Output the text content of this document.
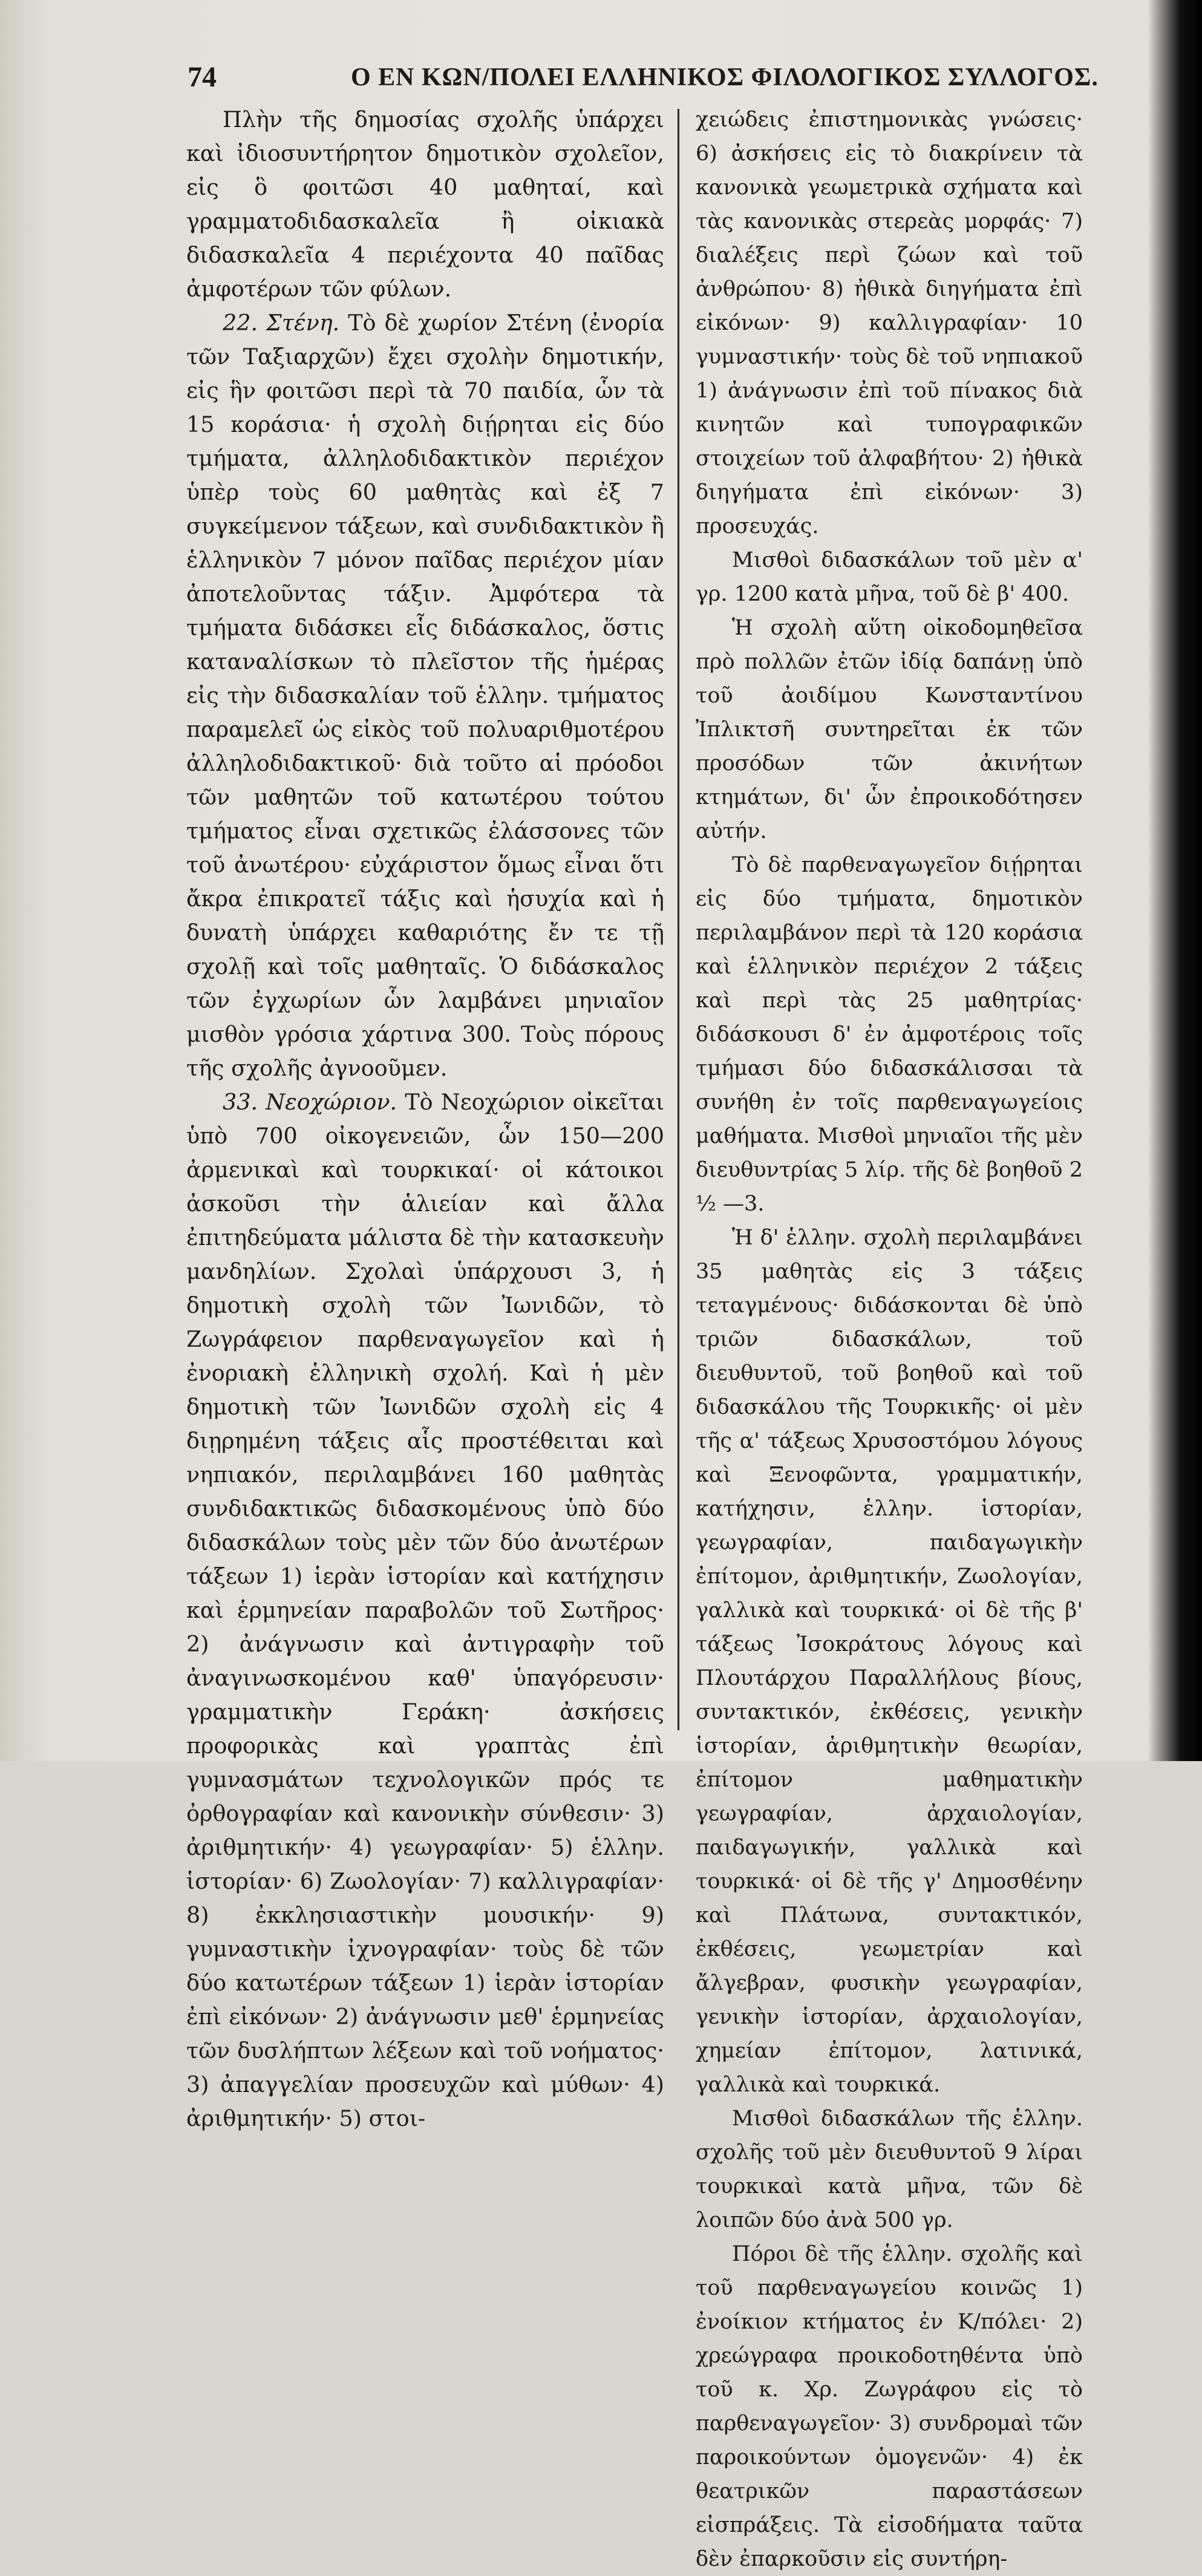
74	Ο ΕΝ ΚΩΝ/ΠΟΛΕΙ ΕΛΛΗΝΙΚΟΣ ΦΙΛΟΛΟΓΙΚΟΣ ΣΥΛΛΟΓΟΣ.

Πλὴν τῆς δημοσίας σχολῆς ὑπάρχει καὶ ἰδιοσυντήρητον δημοτικὸν σχολεῖον, εἰς ὃ φοιτῶσι 40 μαθηταί, καὶ γραμματοδιδασκαλεῖα ἢ οἰκιακὰ διδασκαλεῖα 4 περιέχοντα 40 παῖδας ἀμφοτέρων τῶν φύλων.

22. Στένη. Τὸ δὲ χωρίον Στένη (ἐνορία τῶν Ταξιαρχῶν) ἔχει σχολὴν δημοτικήν, εἰς ἣν φοιτῶσι περὶ τὰ 70 παιδία, ὧν τὰ 15 κοράσια· ἡ σχολὴ διῄρηται εἰς δύο τμήματα, ἀλληλοδιδακτικὸν περιέχον ὑπὲρ τοὺς 60 μαθητὰς καὶ ἐξ 7 συγκείμενον τάξεων, καὶ συνδιδακτικὸν ἢ ἑλληνικὸν 7 μόνον παῖδας περιέχον μίαν ἀποτελοῦντας τάξιν. Ἀμφότερα τὰ τμήματα διδάσκει εἷς διδάσκαλος, ὅστις καταναλίσκων τὸ πλεῖστον τῆς ἡμέρας εἰς τὴν διδασκαλίαν τοῦ ἑλλην. τμήματος παραμελεῖ ὡς εἰκὸς τοῦ πολυαριθμοτέρου ἀλληλοδιδακτικοῦ· διὰ τοῦτο αἱ πρόοδοι τῶν μαθητῶν τοῦ κατωτέρου τούτου τμήματος εἶναι σχετικῶς ἐλάσσονες τῶν τοῦ ἀνωτέρου· εὐχάριστον ὅμως εἶναι ὅτι ἄκρα ἐπικρατεῖ τάξις καὶ ἡσυχία καὶ ἡ δυνατὴ ὑπάρχει καθαριότης ἔν τε τῇ σχολῇ καὶ τοῖς μαθηταῖς. Ὁ διδάσκαλος τῶν ἐγχωρίων ὧν λαμβάνει μηνιαῖον μισθὸν γρόσια χάρτινα 300. Τοὺς πόρους τῆς σχολῆς ἀγνοοῦμεν.

33. Νεοχώριον. Τὸ Νεοχώριον οἰκεῖται ὑπὸ 700 οἰκογενειῶν, ὧν 150—200 ἀρμενικαὶ καὶ τουρκικαί· οἱ κάτοικοι ἀσκοῦσι τὴν ἁλιείαν καὶ ἄλλα ἐπιτηδεύματα μάλιστα δὲ τὴν κατασκευὴν μανδηλίων. Σχολαὶ ὑπάρχουσι 3, ἡ δημοτικὴ σχολὴ τῶν Ἰωνιδῶν, τὸ Ζωγράφειον παρθεναγωγεῖον καὶ ἡ ἐνοριακὴ ἑλληνικὴ σχολή. Καὶ ἡ μὲν δημοτικὴ τῶν Ἰωνιδῶν σχολὴ εἰς 4 διῃρημένη τάξεις αἷς προστέθειται καὶ νηπιακόν, περιλαμβάνει 160 μαθητὰς συνδιδακτικῶς διδασκομένους ὑπὸ δύο διδασκάλων τοὺς μὲν τῶν δύο ἀνωτέρων τάξεων 1) ἱερὰν ἱστορίαν καὶ κατήχησιν καὶ ἑρμηνείαν παραβολῶν τοῦ Σωτῆρος· 2) ἀνάγνωσιν καὶ ἀντιγραφὴν τοῦ ἀναγινωσκομένου καθ' ὑπαγόρευσιν· γραμματικὴν Γεράκη· ἀσκήσεις προφορικὰς καὶ γραπτὰς ἐπὶ γυμνασμάτων τεχνολογικῶν πρός τε ὀρθογραφίαν καὶ κανονικὴν σύνθεσιν· 3) ἀριθμητικήν· 4) γεωγραφίαν· 5) ἑλλην. ἱστορίαν· 6) Ζωολογίαν· 7) καλλιγραφίαν· 8) ἐκκλησιαστικὴν μουσικήν· 9) γυμναστικὴν ἰχνογραφίαν· τοὺς δὲ τῶν δύο κατωτέρων τάξεων 1) ἱερὰν ἱστορίαν ἐπὶ εἰκόνων· 2) ἀνάγνωσιν μεθ' ἑρμηνείας τῶν δυσλήπτων λέξεων καὶ τοῦ νοήματος· 3) ἀπαγγελίαν προσευχῶν καὶ μύθων· 4) ἀριθμητικήν· 5) στοι-

χειώδεις ἐπιστημονικὰς γνώσεις· 6) ἀσκήσεις εἰς τὸ διακρίνειν τὰ κανονικὰ γεωμετρικὰ σχήματα καὶ τὰς κανονικὰς στερεὰς μορφάς· 7) διαλέξεις περὶ ζώων καὶ τοῦ ἀνθρώπου· 8) ἠθικὰ διηγήματα ἐπὶ εἰκόνων· 9) καλλιγραφίαν· 10 γυμναστικήν· τοὺς δὲ τοῦ νηπιακοῦ 1) ἀνάγνωσιν ἐπὶ τοῦ πίνακος διὰ κινητῶν καὶ τυπογραφικῶν στοιχείων τοῦ ἀλφαβήτου· 2) ἠθικὰ διηγήματα ἐπὶ εἰκόνων· 3) προσευχάς.

Μισθοὶ διδασκάλων τοῦ μὲν α' γρ. 1200 κατὰ μῆνα, τοῦ δὲ β' 400.

Ἡ σχολὴ αὕτη οἰκοδομηθεῖσα πρὸ πολλῶν ἐτῶν ἰδίᾳ δαπάνῃ ὑπὸ τοῦ ἀοιδίμου Κωνσταντίνου Ἰπλικτσῆ συντηρεῖται ἐκ τῶν προσόδων τῶν ἀκινήτων κτημάτων, δι' ὧν ἐπροικοδότησεν αὐτήν.

Τὸ δὲ παρθεναγωγεῖον διῄρηται εἰς δύο τμήματα, δημοτικὸν περιλαμβάνον περὶ τὰ 120 κοράσια καὶ ἑλληνικὸν περιέχον 2 τάξεις καὶ περὶ τὰς 25 μαθητρίας· διδάσκουσι δ' ἐν ἀμφοτέροις τοῖς τμήμασι δύο διδασκάλισσαι τὰ συνήθη ἐν τοῖς παρθεναγωγείοις μαθήματα. Μισθοὶ μηνιαῖοι τῆς μὲν διευθυντρίας 5 λίρ. τῆς δὲ βοηθοῦ 2 ½ —3.

Ἡ δ' ἑλλην. σχολὴ περιλαμβάνει 35 μαθητὰς εἰς 3 τάξεις τεταγμένους· διδάσκονται δὲ ὑπὸ τριῶν διδασκάλων, τοῦ διευθυντοῦ, τοῦ βοηθοῦ καὶ τοῦ διδασκάλου τῆς Τουρκικῆς· οἱ μὲν τῆς α' τάξεως Χρυσοστόμου λόγους καὶ Ξενοφῶντα, γραμματικήν, κατήχησιν, ἑλλην. ἱστορίαν, γεωγραφίαν, παιδαγωγικὴν ἐπίτομον, ἀριθμητικήν, Ζωολογίαν, γαλλικὰ καὶ τουρκικά· οἱ δὲ τῆς β' τάξεως Ἰσοκράτους λόγους καὶ Πλουτάρχου Παραλλήλους βίους, συντακτικόν, ἐκθέσεις, γενικὴν ἱστορίαν, ἀριθμητικὴν θεωρίαν, ἐπίτομον μαθηματικὴν γεωγραφίαν, ἀρχαιολογίαν, παιδαγωγικήν, γαλλικὰ καὶ τουρκικά· οἱ δὲ τῆς γ' Δημοσθένην καὶ Πλάτωνα, συντακτικόν, ἐκθέσεις, γεωμετρίαν καὶ ἄλγεβραν, φυσικὴν γεωγραφίαν, γενικὴν ἱστορίαν, ἀρχαιολογίαν, χημείαν ἐπίτομον, λατινικά, γαλλικὰ καὶ τουρκικά.

Μισθοὶ διδασκάλων τῆς ἑλλην. σχολῆς τοῦ μὲν διευθυντοῦ 9 λίραι τουρκικαὶ κατὰ μῆνα, τῶν δὲ λοιπῶν δύο ἀνὰ 500 γρ.

Πόροι δὲ τῆς ἑλλην. σχολῆς καὶ τοῦ παρθεναγωγείου κοινῶς 1) ἐνοίκιον κτήματος ἐν Κ/πόλει· 2) χρεώγραφα προικοδοτηθέντα ὑπὸ τοῦ κ. Χρ. Ζωγράφου εἰς τὸ παρθεναγωγεῖον· 3) συνδρομαὶ τῶν παροικούντων ὁμογενῶν· 4) ἐκ θεατρικῶν παραστάσεων εἰσπράξεις. Τὰ εἰσοδήματα ταῦτα δὲν ἐπαρκοῦσιν εἰς συντήρη-
